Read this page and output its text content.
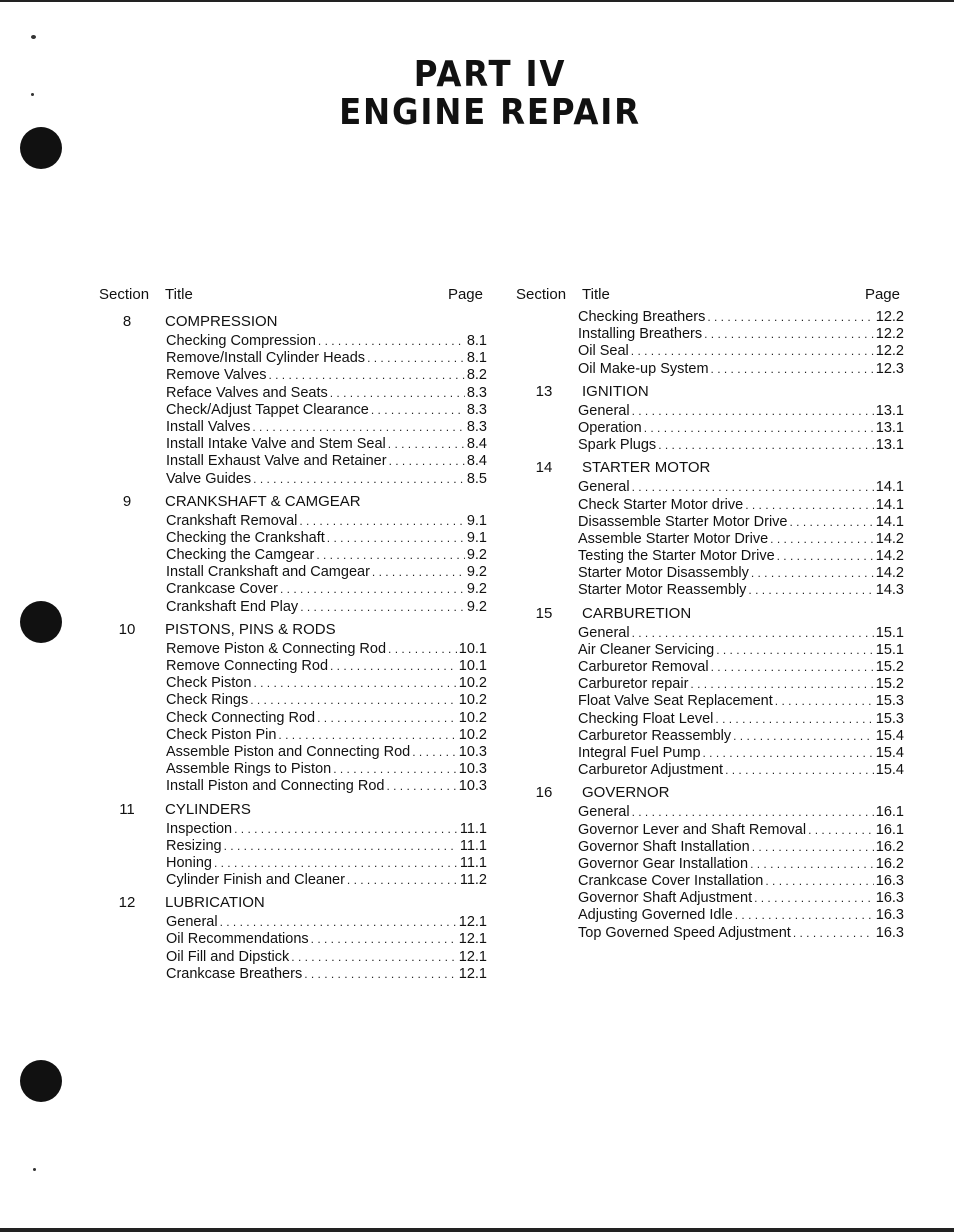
PART IV
ENGINE REPAIR
Section Title	Page
8	COMPRESSION
Checking Compression . . .	8.1
Remove/Install Cylinder Heads . . .	8.1
Remove Valves . . .	8.2
Reface Valves and Seats . . .	8.3
Check/Adjust Tappet Clearance . . .	8.3
Install Valves . . .	8.3
Install Intake Valve and Stem Seal . . .	8.4
Install Exhaust Valve and Retainer . . .	8.4
Valve Guides . . .	8.5
9	CRANKSHAFT & CAMGEAR
Crankshaft Removal . . .	9.1
Checking the Crankshaft . . .	9.1
Checking the Camgear . . .	9.2
Install Crankshaft and Camgear . . .	9.2
Crankcase Cover . . .	9.2
Crankshaft End Play . . .	9.2
10	PISTONS, PINS & RODS
Remove Piston & Connecting Rod . . .	10.1
Remove Connecting Rod . . .	10.1
Check Piston . . .	10.2
Check Rings . . .	10.2
Check Connecting Rod . . .	10.2
Check Piston Pin . . .	10.2
Assemble Piston and Connecting Rod . . .	10.3
Assemble Rings to Piston . . .	10.3
Install Piston and Connecting Rod . . .	10.3
11	CYLINDERS
Inspection . . .	11.1
Resizing . . .	11.1
Honing . . .	11.1
Cylinder Finish and Cleaner . . .	11.2
12	LUBRICATION
General . . .	12.1
Oil Recommendations . . .	12.1
Oil Fill and Dipstick . . .	12.1
Crankcase Breathers . . .	12.1
Section Title	Page
Checking Breathers . . .	12.2
Installing Breathers . . .	12.2
Oil Seal . . .	12.2
Oil Make-up System . . .	12.3
13	IGNITION
General . . .	13.1
Operation . . .	13.1
Spark Plugs . . .	13.1
14	STARTER MOTOR
General . . .	14.1
Check Starter Motor drive . . .	14.1
Disassemble Starter Motor Drive . . .	14.1
Assemble Starter Motor Drive . . .	14.2
Testing the Starter Motor Drive . . .	14.2
Starter Motor Disassembly . . .	14.2
Starter Motor Reassembly . . .	14.3
15	CARBURETION
General . . .	15.1
Air Cleaner Servicing . . .	15.1
Carburetor Removal . . .	15.2
Carburetor repair . . .	15.2
Float Valve Seat Replacement . . .	15.3
Checking Float Level . . .	15.3
Carburetor Reassembly . . .	15.4
Integral Fuel Pump . . .	15.4
Carburetor Adjustment . . .	15.4
16	GOVERNOR
General . . .	16.1
Governor Lever and Shaft Removal . . .	16.1
Governor Shaft Installation . . .	16.2
Governor Gear Installation . . .	16.2
Crankcase Cover Installation . . .	16.3
Governor Shaft Adjustment . . .	16.3
Adjusting Governed Idle . . .	16.3
Top Governed Speed Adjustment . . .	16.3
